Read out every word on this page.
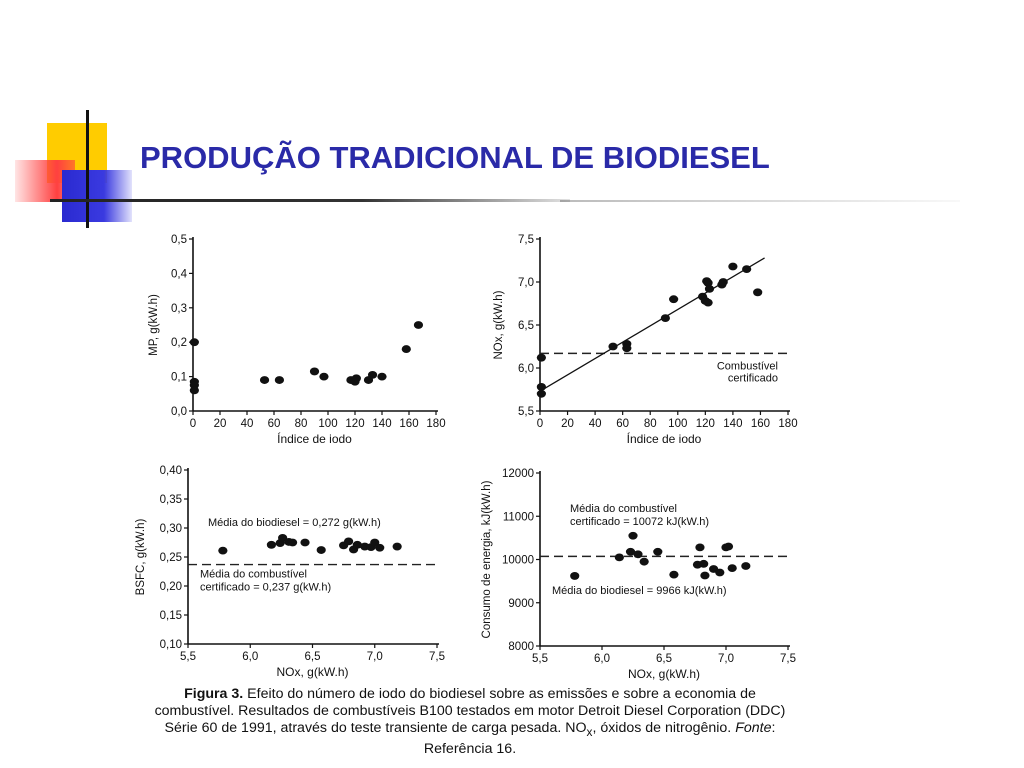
PRODUÇÃO TRADICIONAL DE BIODIESEL
0 20 40 60 80 100 120 140 160 180
0,0
0,1
0,2
0,3
0,4
0,5
Índice de iodo
MP, g(kW.h)
0 20 40 60 80 100 120 140 160 180
5,5
6,0
6,5
7,0
7,5
Índice de iodo
NOx, g(kW.h)
Combustível
certificado
5,5	6,0	6,5	7,0	7,5
0,10
0,15
0,20
0,25
0,30
0,35
0,40
NOx, g(kW.h)
BSFC, g(kW.h)	Média do biodiesel = 0,272 g(kW.h)
Média do combustível
certificado = 0,237 g(kW.h)
5,5	6,0	6,5	7,0	7,5
8000
9000
10000
11000
12000
NOx, g(kW.h)
Consumo de energia, kJ(kW.h)	Média do combustível
certificado = 10072 kJ(kW.h)
Média do biodiesel = 9966 kJ(kW.h)
Figura 3. Efeito do número de iodo do biodiesel sobre as emissões e sobre a economia de combustível. Resultados de combustíveis B100 testados em motor Detroit Diesel Corporation (DDC) Série 60 de 1991, através do teste transiente de carga pesada. $NO_x$, óxidos de nitrogênio. Fonte: Referência 16.
